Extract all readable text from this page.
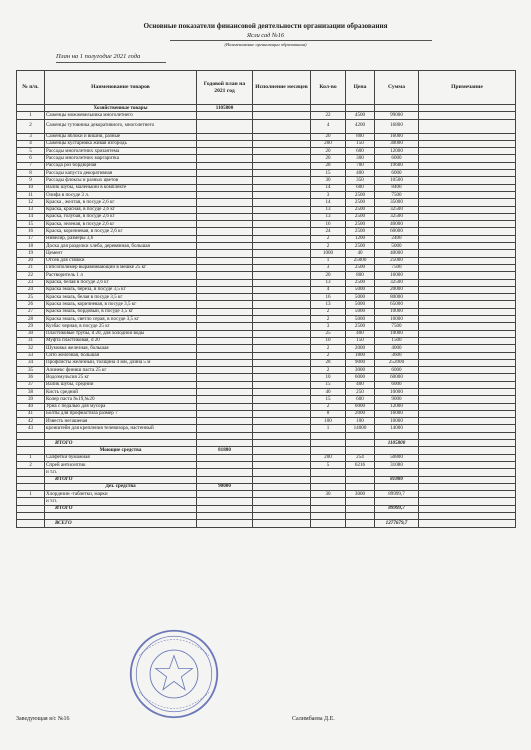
Основные показатели финансовой деятельности организации образования
Ясли сад №16
(Наименование организации образования)
План на 1 полугодие 2021 года
№ п/п.	Наименование товаров	Годовой план на 2021 год	Исполнение месяцев	Кол-во	Цена	Сумма	Примечание
	Хозяйственные товары	1105800					
1	Саженцы можжевельника многолетнего			22	4500	99000	
2	Саженцы тутовника декоративного, многолетнего			4	4200	16800	
3	Саженцы яблоки и вишни, разные			20	800	16000	
4	Саженцы кустарника живая изгородь			200	150	30000	
5	Рассады многолетних хризантема			20	600	12000	
6	Рассады многолетних маргаритка			20	300	6000	
7	Рассада роз бордюрная			28	700	19600	
8	Рассады капуста декоративная			15	400	6000	
9	Рассады флоксы и разных цветов			30	350	10500	
10	Валик шубы, маленький в комплекте			14	600	8400	
11	Олифа в посуде 3 л.			3	2500	7500	
12	Краска , желтая, в посуде 2,6 кг			14	2500	35000	
13	Краска, красная, в посуде 2,6 кг			13	2500	32500	
14	Краска, голубая, в посуде 2,6 кг			13	2500	32500	
15	Краска, зеленая, в посуде 2,6 кг			16	2500	40000	
16	Краска, коричневая, в посуде 2,6 кг			24	2500	60000	
17	Нивелир, размеры 3,6			2	1200	2400	
18	Доска для разделки хлеба, деревянная, большая			2	2500	5000	
19	Цемент			1000	40	40000	
20	Отсев для стяжки			1	25000	25000	
21	Гипсополимер выравнивающий в мешке 25 кг			3	2500	7500	
22	Растворитель 1 л			20	800	16000	
23	Краска, белая в посуде 2,6 кг			13	2500	32500	
24	Краска эмаль, береза, в посуде 3,5 кг			4	5000	20000	
25	Краска эмаль, белая в посуде 3,5 кг			16	5000	80000	
26	Краска эмаль, коричневая, в посуде 3,5 кг			13	5000	65000	
27	Краска эмаль, бордовый, в посуде 3,5 кг			2	5000	10000	
28	Краска эмаль, светло серая, в посуде 3,5 кг			2	5000	10000	
29	Кузбас черная, в посуде 25 кг			3	2500	7500	
30	Пластиковые трубы, d 20, для холодной воды			25	400	10000	
31	Муфта пластиковая, d 20			10	150	1500	
32	Шумовка железная, большая			2	2000	4000	
33	Сито железная, большая			2	1800	3600	
34	Профлисты железный, толщина 4 мм, длина 5 м			28	9000	252000	
35	Алинекс финиш паста 25 кг			2	3000	6000	
36	Водоэмульсия 25 кг			10	6000	60000	
37	Валик шубы, средний			15	400	6000	
38	Кисть средний			40	250	10000	
39	Колер паста №19,№20			15	600	9000	
40	Урна с педалью для мусора			2	6000	12000	
41	Болты для профнастила размер 7			8	2000	16000	
42	Известь негашеная			100	100	10000	
43	кронштейн для крепления телевизора, настенный			1	14000	14000	

	ИТОГО					1105800	
	Моющие средства	81880					
1	Салфетки бумажная			200	254	50800	
2	Спрей антисептик			5	6216	31080	
	и т.п.						
	ИТОГО					81880	
	Дез. средства	90000					
1	Хлордезин -таблетки, марки			30	3000	89999,7	
	и т.п.						
	ИТОГО					89999,7	

	ВСЕГО					1277679,7	
Заведующая я/с №16	Салимбаева Д.Е.
